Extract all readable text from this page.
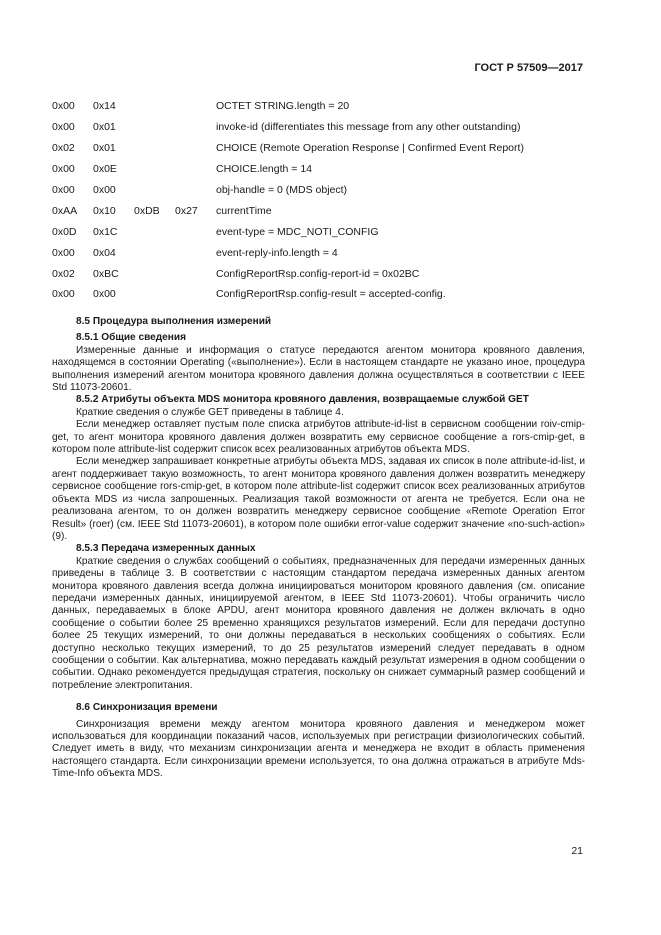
ГОСТ Р 57509—2017
0x00	0x14			OCTET STRING.length = 20
0x00	0x01			invoke-id (differentiates this message from any other outstanding)
0x02	0x01			CHOICE (Remote Operation Response | Confirmed Event Report)
0x00	0x0E			CHOICE.length = 14
0x00	0x00			obj-handle = 0 (MDS object)
0xAA	0x10	0xDB	0x27	currentTime
0x0D	0x1C			event-type = MDC_NOTI_CONFIG
0x00	0x04			event-reply-info.length = 4
0x02	0xBC			ConfigReportRsp.config-report-id = 0x02BC
0x00	0x00			ConfigReportRsp.config-result = accepted-config.

8.5 Процедура выполнения измерений

8.5.1 Общие сведения

Измеренные данные и информация о статусе передаются агентом монитора кровяного давления, находящемся в состоянии Operating («выполнение»). Если в настоящем стандарте не указано иное, процедура выполнения измерений агентом монитора кровяного давления должна осуществляться в соответствии с IEEE Std 11073-20601.

8.5.2 Атрибуты объекта MDS монитора кровяного давления, возвращаемые службой GET

Краткие сведения о службе GET приведены в таблице 4.

Если менеджер оставляет пустым поле списка атрибутов attribute-id-list в сервисном сообщении roiv-cmip-get, то агент монитора кровяного давления должен возвратить ему сервисное сообщение a rors-cmip-get, в котором поле attribute-list содержит список всех реализованных атрибутов объекта MDS.

Если менеджер запрашивает конкретные атрибуты объекта MDS, задавая их список в поле attribute-id-list, и агент поддерживает такую возможность, то агент монитора кровяного давления должен возвратить менеджеру сервисное сообщение rors-cmip-get, в котором поле attribute-list содержит список всех реализованных атрибутов объекта MDS из числа запрошенных. Реализация такой возможности от агента не требуется. Если она не реализована агентом, то он должен возвратить менеджеру сервисное сообщение «Remote Operation Error Result» (roer) (см. IEEE Std 11073-20601), в котором поле ошибки error-value содержит значение «no-such-action» (9).

8.5.3 Передача измеренных данных

Краткие сведения о службах сообщений о событиях, предназначенных для передачи измеренных данных приведены в таблице 3. В соответствии с настоящим стандартом передача измеренных данных агентом монитора кровяного давления всегда должна инициироваться монитором кровяного давления (см. описание передачи измеренных данных, инициируемой агентом, в IEEE Std 11073-20601). Чтобы ограничить число данных, передаваемых в блоке APDU, агент монитора кровяного давления не должен включать в одно сообщение о событии более 25 временно хранящихся результатов измерений. Если для передачи доступно более 25 текущих измерений, то они должны передаваться в нескольких сообщениях о событиях. Если доступно несколько текущих измерений, то до 25 результатов измерений следует передавать в одном сообщении о событии. Как альтернатива, можно передавать каждый результат измерения в одном сообщении о событии. Однако рекомендуется предыдущая стратегия, поскольку он снижает суммарный размер сообщений и потребление электропитания.

8.6 Синхронизация времени

Синхронизация времени между агентом монитора кровяного давления и менеджером может использоваться для координации показаний часов, используемых при регистрации физиологических событий. Следует иметь в виду, что механизм синхронизации агента и менеджера не входит в область применения настоящего стандарта. Если синхронизации времени используется, то она должна отражаться в атрибуте Mds-Time-Info объекта MDS.

21
